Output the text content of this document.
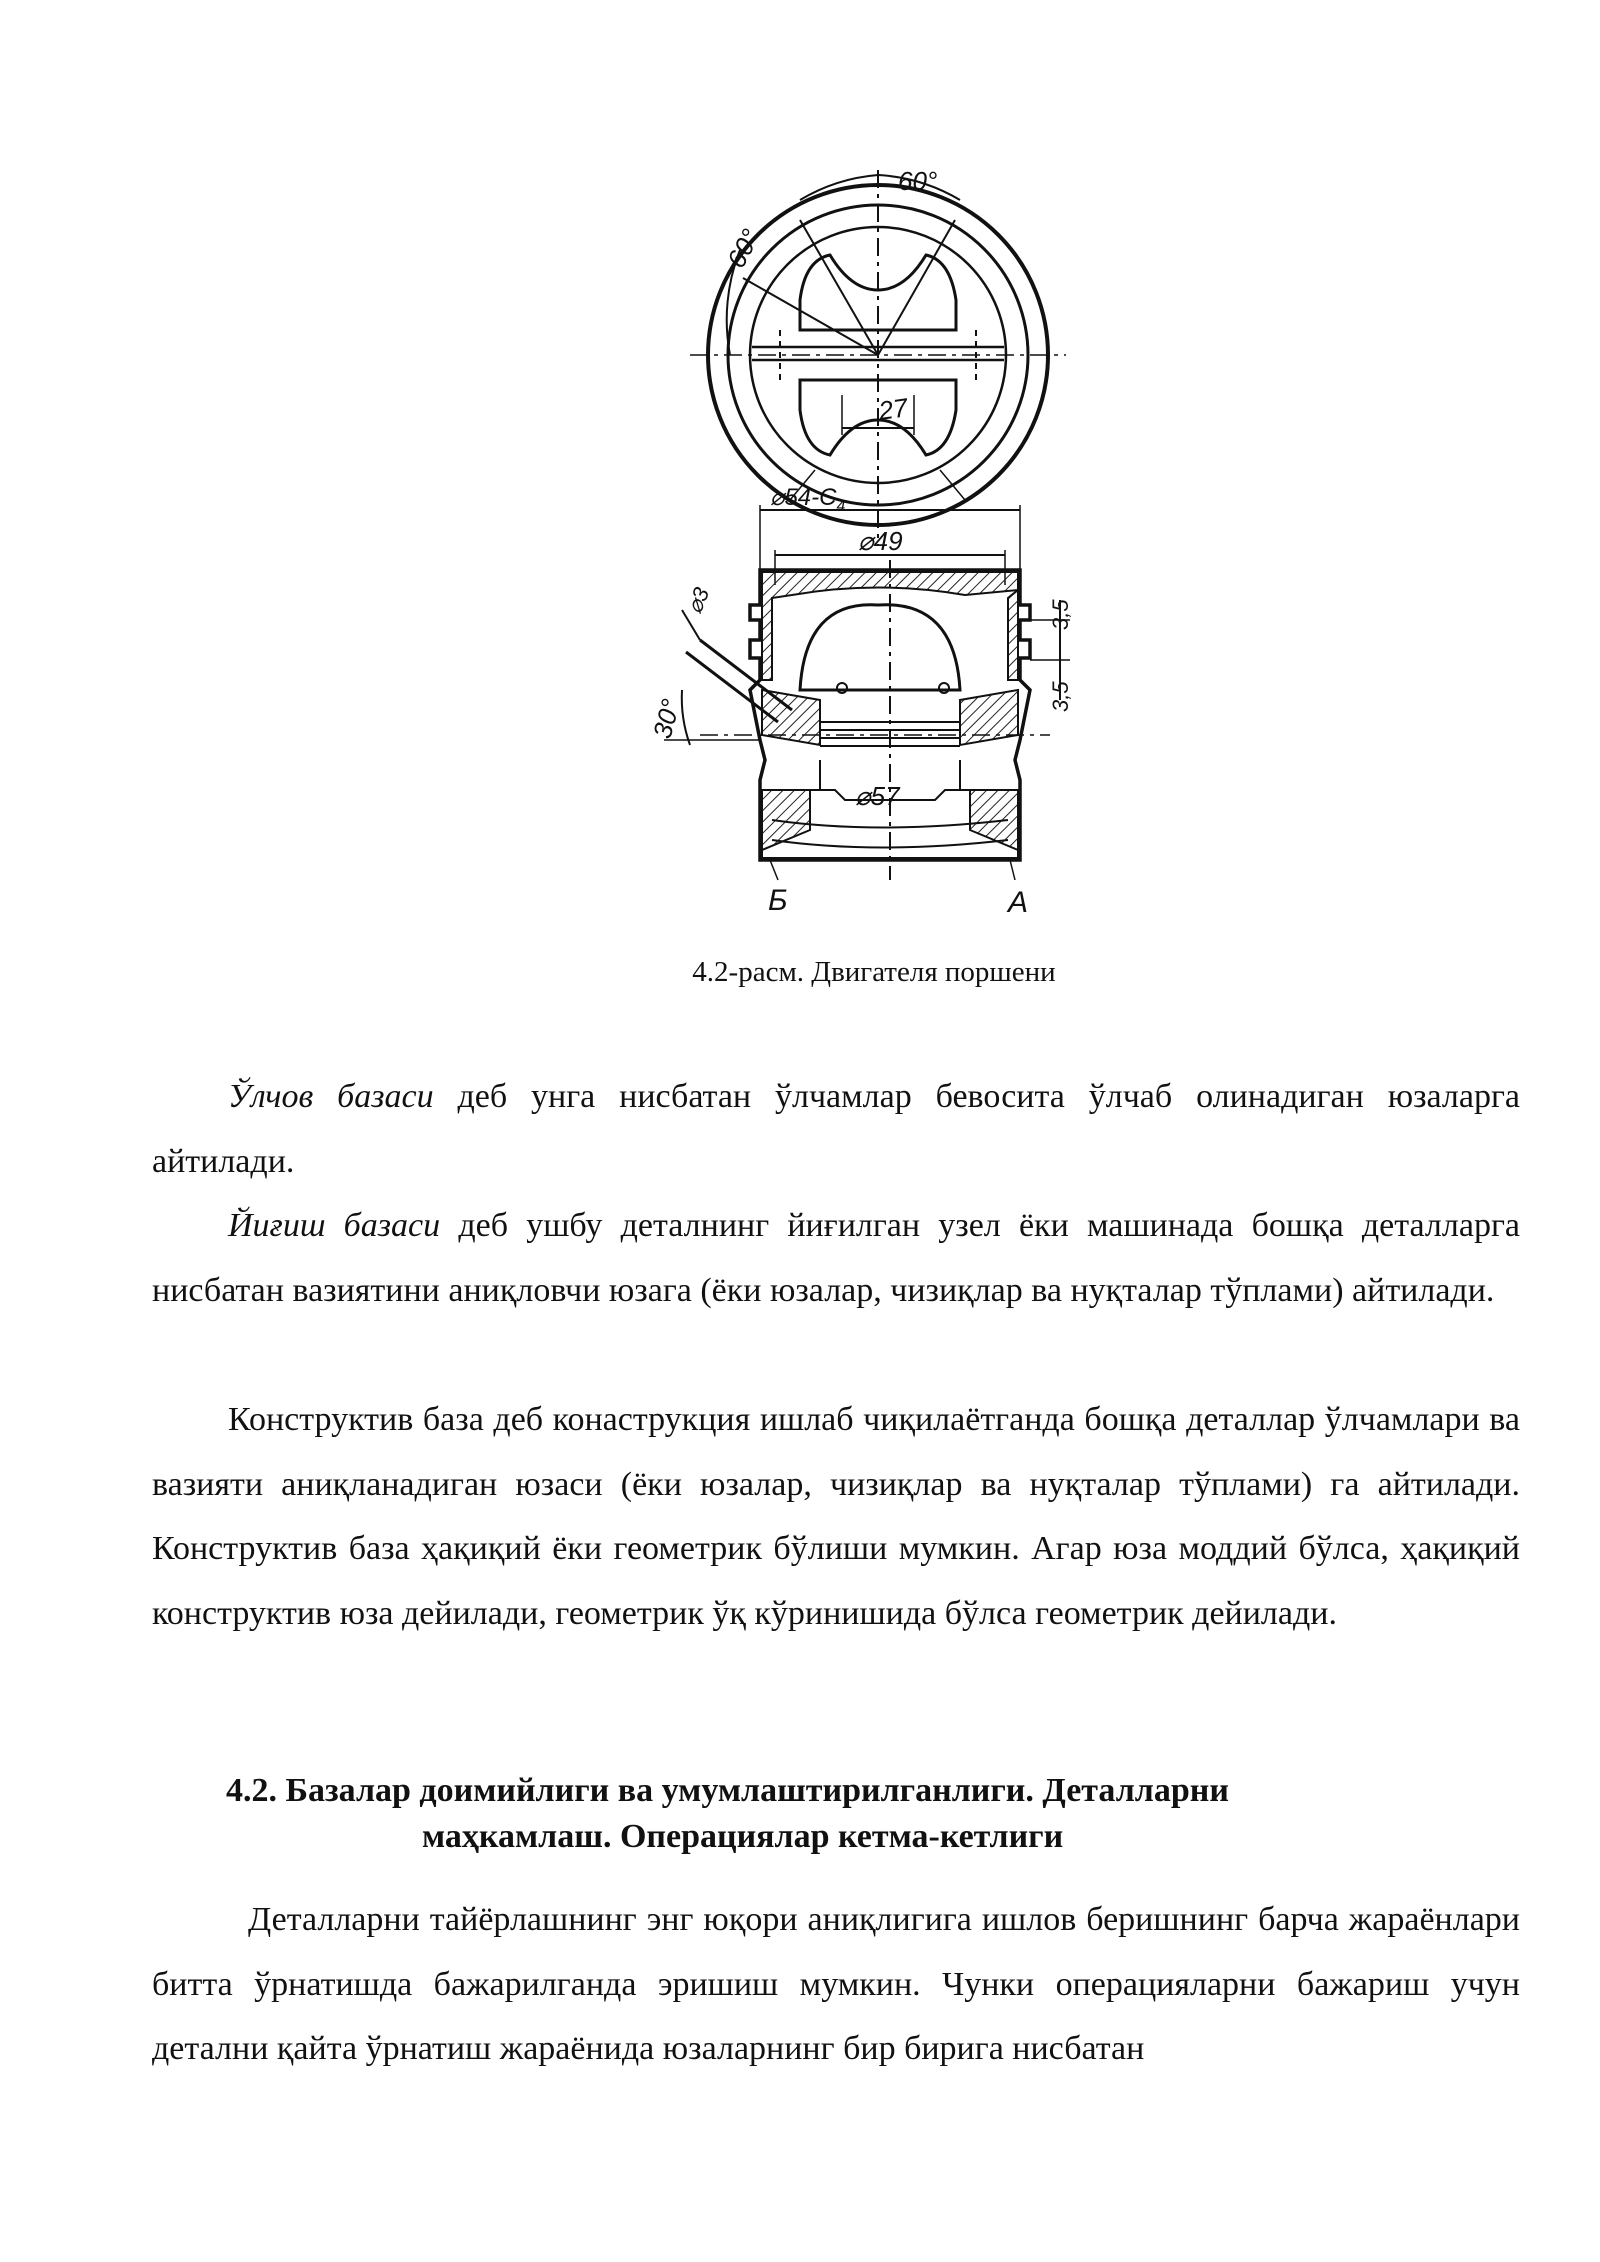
60°
60°
27
$⌀54-C_4$
⌀49
⌀3
30°
3,5
3,5
⌀57
Б	А
4.2-расм. Двигателя поршени

Ўлчов базаси деб унга нисбатан ўлчамлар бевосита ўлчаб олинадиган юзаларга айтилади.

Йиғиш базаси деб ушбу деталнинг йиғилган узел ёки машинада бошқа деталларга нисбатан вазиятини аниқловчи юзага (ёки юзалар, чизиқлар ва нуқталар тўплами) айтилади.

Конструктив база деб конаструкция ишлаб чиқилаётганда бошқа деталлар ўлчамлари ва вазияти аниқланадиган юзаси (ёки юзалар, чизиқлар ва нуқталар тўплами) га айтилади. Конструктив база ҳақиқий ёки геометрик бўлиши мумкин. Агар юза моддий бўлса, ҳақиқий конструктив юза дейилади, геометрик ўқ кўринишида бўлса геометрик дейилади.

4.2. Базалар доимийлиги ва умумлаштирилганлиги. Деталларни
маҳкамлаш. Операциялар кетма-кетлиги

Деталларни тайёрлашнинг энг юқори аниқлигига ишлов беришнинг барча жараёнлари битта ўрнатишда бажарилганда эришиш мумкин. Чунки операцияларни бажариш учун детални қайта ўрнатиш жараёнида юзаларнинг бир бирига нисбатан
